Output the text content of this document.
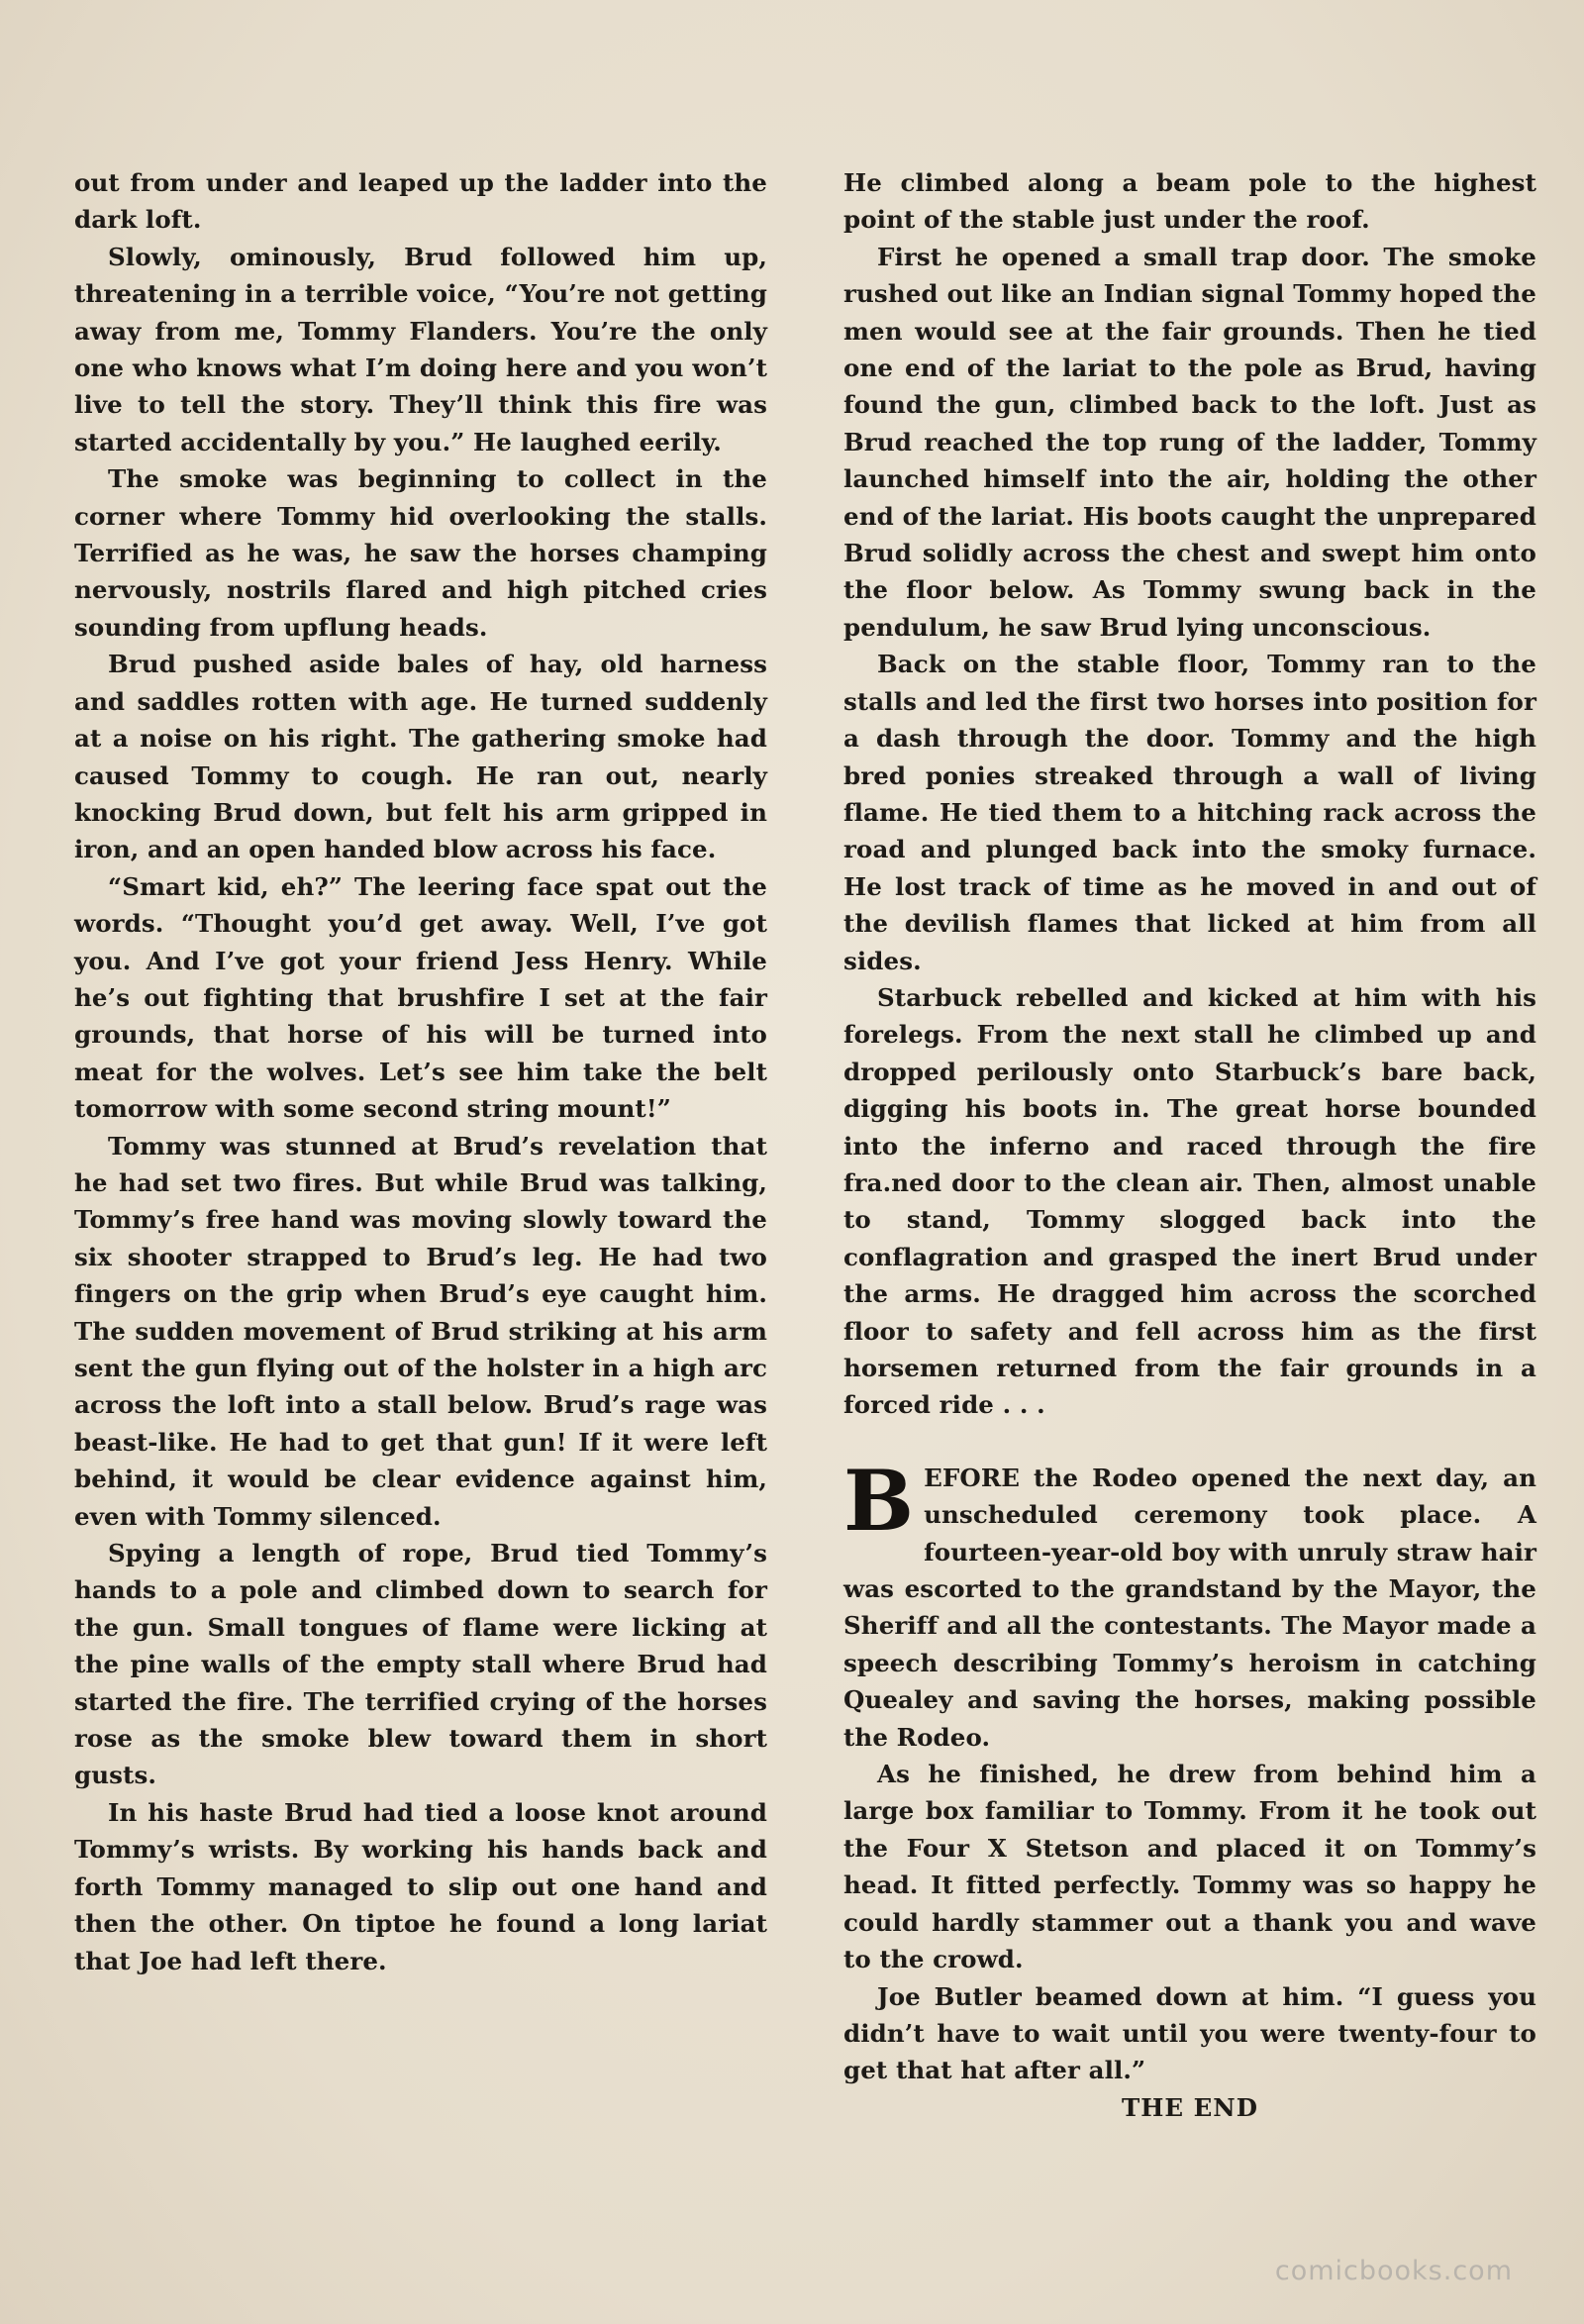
out from under and leaped up the ladder into the dark loft.

Slowly, ominously, Brud followed him up, threatening in a terrible voice, “You’re not getting away from me, Tommy Flanders. You’re the only one who knows what I’m doing here and you won’t live to tell the story. They’ll think this fire was started accidentally by you.” He laughed eerily.

The smoke was beginning to collect in the corner where Tommy hid overlooking the stalls. Terrified as he was, he saw the horses champing nervously, nostrils flared and high pitched cries sounding from upflung heads.

Brud pushed aside bales of hay, old harness and saddles rotten with age. He turned suddenly at a noise on his right. The gathering smoke had caused Tommy to cough. He ran out, nearly knocking Brud down, but felt his arm gripped in iron, and an open handed blow across his face.

“Smart kid, eh?” The leering face spat out the words. “Thought you’d get away. Well, I’ve got you. And I’ve got your friend Jess Henry. While he’s out fighting that brushfire I set at the fair grounds, that horse of his will be turned into meat for the wolves. Let’s see him take the belt tomorrow with some second string mount!”

Tommy was stunned at Brud’s revelation that he had set two fires. But while Brud was talking, Tommy’s free hand was moving slowly toward the six shooter strapped to Brud’s leg. He had two fingers on the grip when Brud’s eye caught him. The sudden movement of Brud striking at his arm sent the gun flying out of the holster in a high arc across the loft into a stall below. Brud’s rage was beast-like. He had to get that gun! If it were left behind, it would be clear evidence against him, even with Tommy silenced.

Spying a length of rope, Brud tied Tommy’s hands to a pole and climbed down to search for the gun. Small tongues of flame were licking at the pine walls of the empty stall where Brud had started the fire. The terrified crying of the horses rose as the smoke blew toward them in short gusts.

In his haste Brud had tied a loose knot around Tommy’s wrists. By working his hands back and forth Tommy managed to slip out one hand and then the other. On tiptoe he found a long lariat that Joe had left there.

He climbed along a beam pole to the highest point of the stable just under the roof.

First he opened a small trap door. The smoke rushed out like an Indian signal Tommy hoped the men would see at the fair grounds. Then he tied one end of the lariat to the pole as Brud, having found the gun, climbed back to the loft. Just as Brud reached the top rung of the ladder, Tommy launched himself into the air, holding the other end of the lariat. His boots caught the unprepared Brud solidly across the chest and swept him onto the floor below. As Tommy swung back in the pendulum, he saw Brud lying unconscious.

Back on the stable floor, Tommy ran to the stalls and led the first two horses into position for a dash through the door. Tommy and the high bred ponies streaked through a wall of living flame. He tied them to a hitching rack across the road and plunged back into the smoky furnace. He lost track of time as he moved in and out of the devilish flames that licked at him from all sides.

Starbuck rebelled and kicked at him with his forelegs. From the next stall he climbed up and dropped perilously onto Starbuck’s bare back, digging his boots in. The great horse bounded into the inferno and raced through the fire fra.ned door to the clean air. Then, almost unable to stand, Tommy slogged back into the conflagration and grasped the inert Brud under the arms. He dragged him across the scorched floor to safety and fell across him as the first horsemen returned from the fair grounds in a forced ride . . .

BEFORE the Rodeo opened the next day, an unscheduled ceremony took place. A fourteen-year-old boy with unruly straw hair was escorted to the grandstand by the Mayor, the Sheriff and all the contestants. The Mayor made a speech describing Tommy’s heroism in catching Quealey and saving the horses, making possible the Rodeo.

As he finished, he drew from behind him a large box familiar to Tommy. From it he took out the Four X Stetson and placed it on Tommy’s head. It fitted perfectly. Tommy was so happy he could hardly stammer out a thank you and wave to the crowd.

Joe Butler beamed down at him. “I guess you didn’t have to wait until you were twenty-four to get that hat after all.”

THE END

comicbooks.com
